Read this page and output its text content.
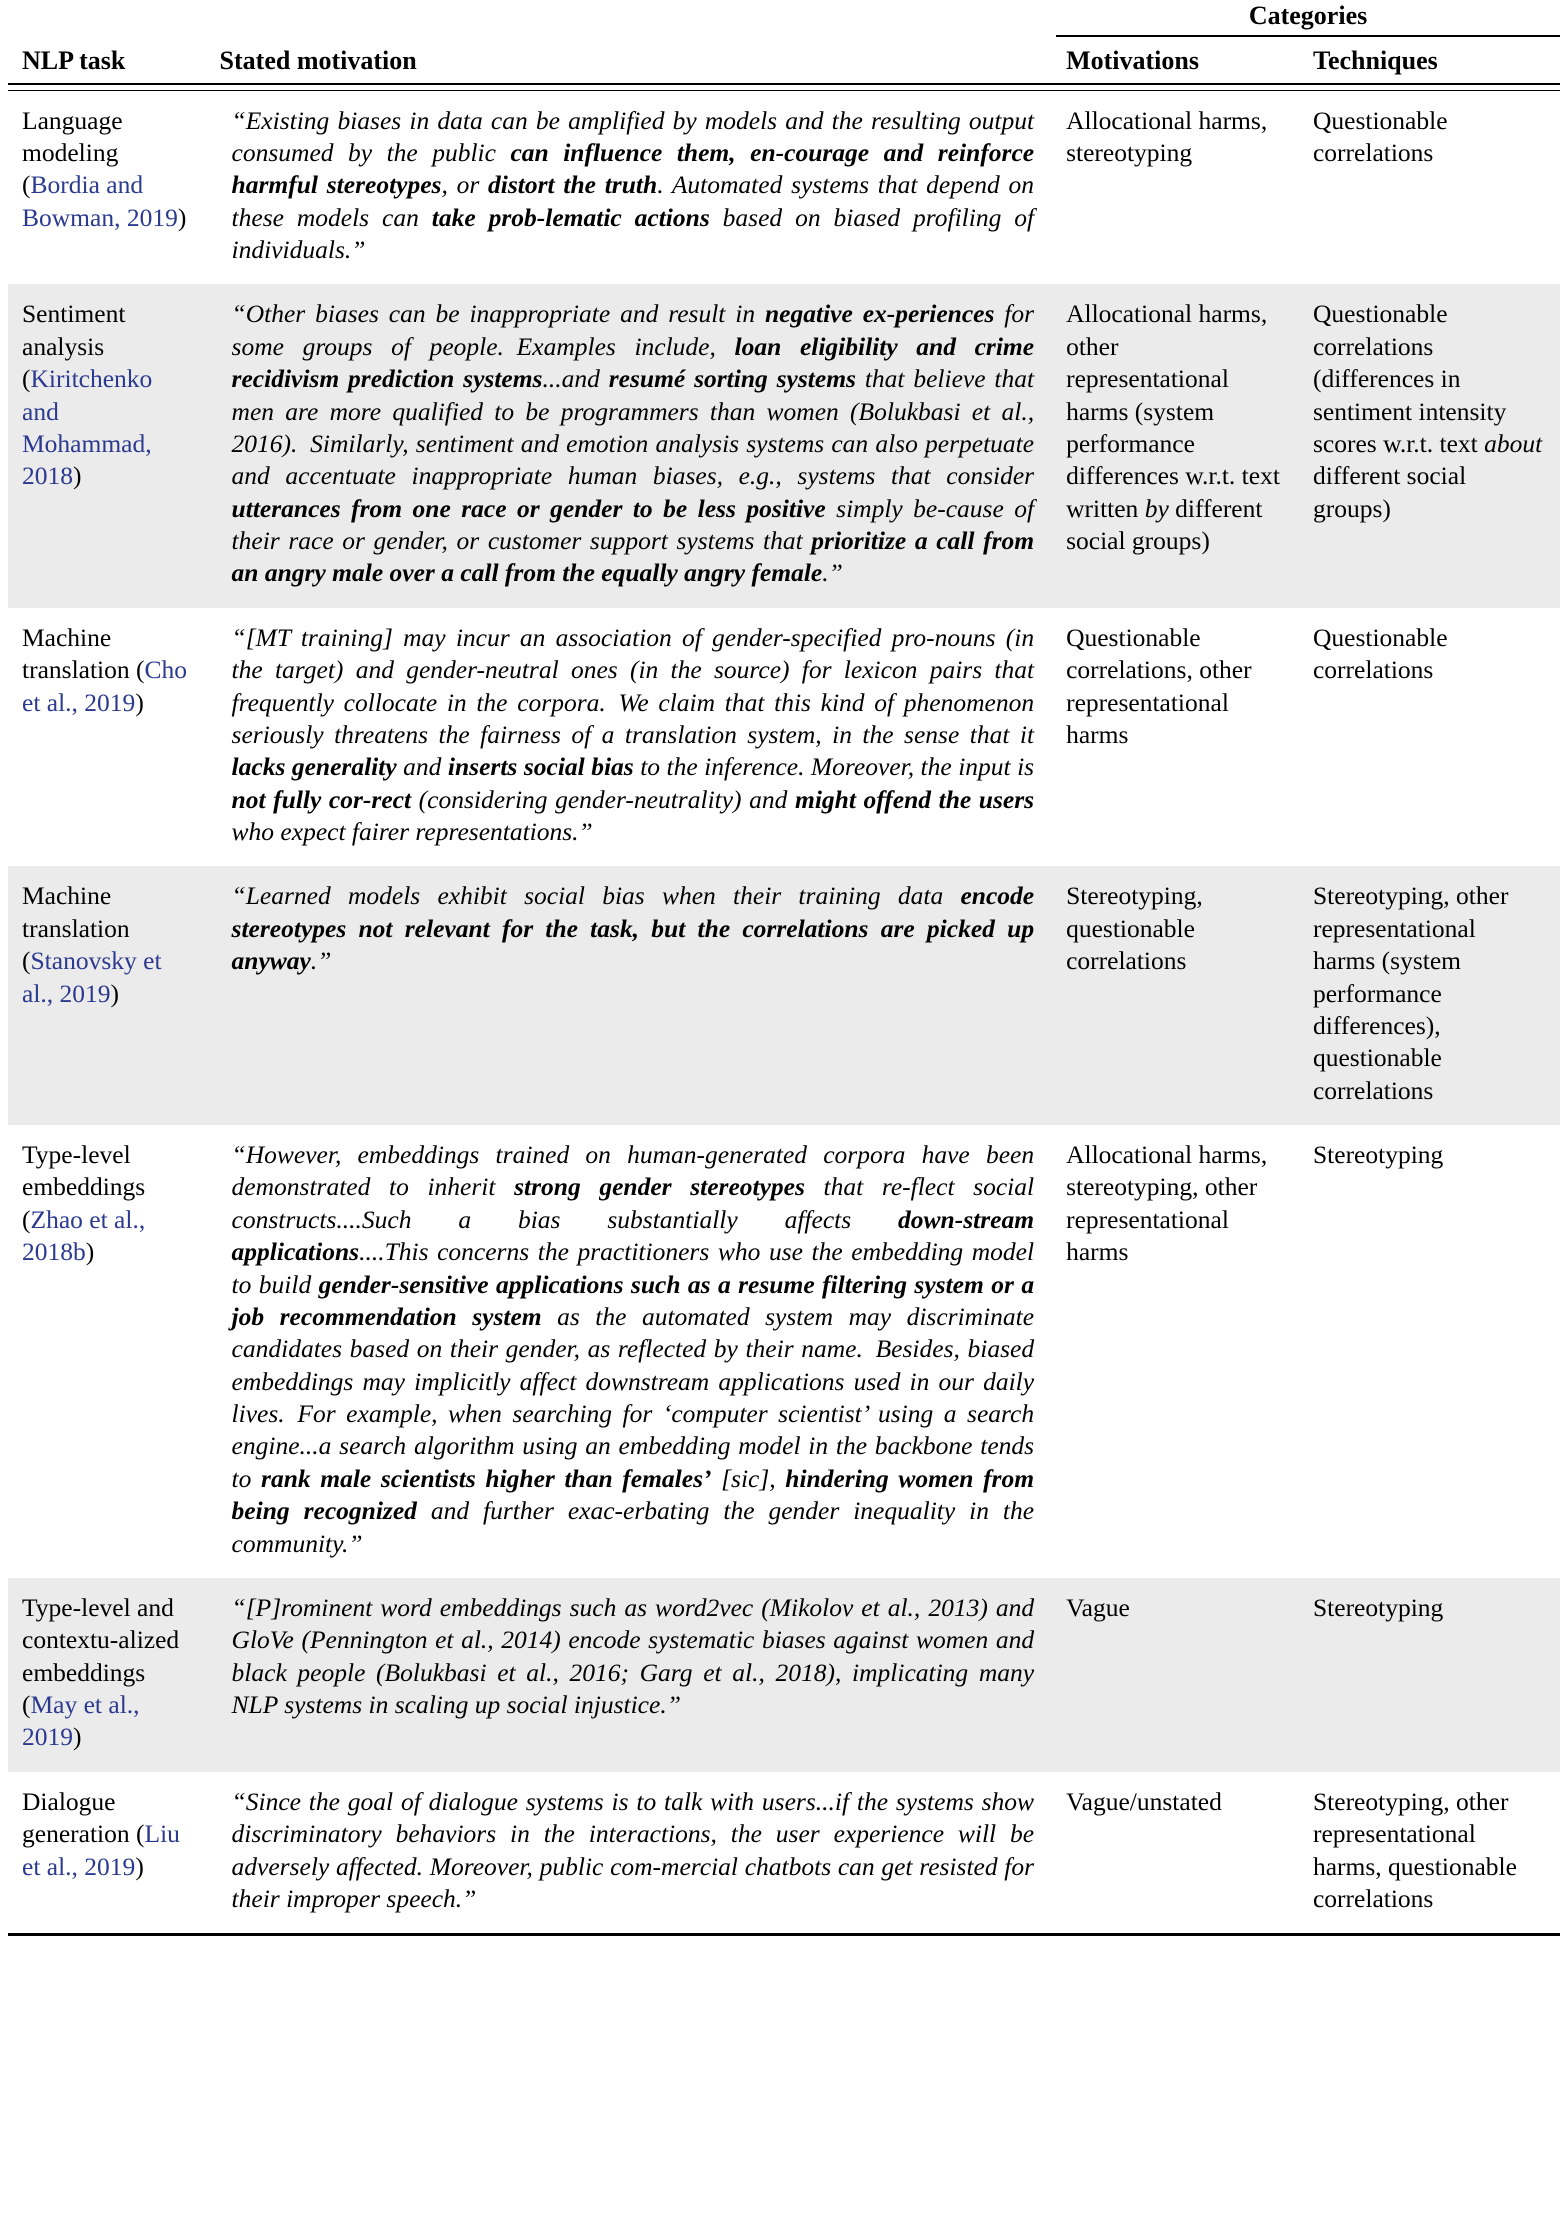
		Categories	
NLP task	Stated motivation	Motivations	Techniques

Language modeling (Bordia and Bowman, 2019)	“Existing biases in data can be amplified by models and the resulting output consumed by the public can influence them, en-courage and reinforce harmful stereotypes, or distort the truth. Automated systems that depend on these models can take prob-lematic actions based on biased profiling of individuals.”	Allocational harms, stereotyping	Questionable correlations
Sentiment analysis (Kiritchenko and Mohammad, 2018)	“Other biases can be inappropriate and result in negative ex-periences for some groups of people. Examples include, loan eligibility and crime recidivism prediction systems...and resumé sorting systems that believe that men are more qualified to be programmers than women (Bolukbasi et al., 2016). Similarly, sentiment and emotion analysis systems can also perpetuate and accentuate inappropriate human biases, e.g., systems that consider utterances from one race or gender to be less positive simply be-cause of their race or gender, or customer support systems that prioritize a call from an angry male over a call from the equally angry female.”	Allocational harms, other representational harms (system performance differences w.r.t. text written by different social groups)	Questionable correlations (differences in sentiment intensity scores w.r.t. text about different social groups)
Machine translation (Cho et al., 2019)	“[MT training] may incur an association of gender-specified pro-nouns (in the target) and gender-neutral ones (in the source) for lexicon pairs that frequently collocate in the corpora. We claim that this kind of phenomenon seriously threatens the fairness of a translation system, in the sense that it lacks generality and inserts social bias to the inference. Moreover, the input is not fully cor-rect (considering gender-neutrality) and might offend the users who expect fairer representations.”	Questionable correlations, other representational harms	Questionable correlations
Machine translation (Stanovsky et al., 2019)	“Learned models exhibit social bias when their training data encode stereotypes not relevant for the task, but the correlations are picked up anyway.”	Stereotyping, questionable correlations	Stereotyping, other representational harms (system performance differences), questionable correlations
Type-level embeddings (Zhao et al., 2018b)	“However, embeddings trained on human-generated corpora have been demonstrated to inherit strong gender stereotypes that re-flect social constructs....Such a bias substantially affects down-stream applications....This concerns the practitioners who use the embedding model to build gender-sensitive applications such as a resume filtering system or a job recommendation system as the automated system may discriminate candidates based on their gender, as reflected by their name. Besides, biased embeddings may implicitly affect downstream applications used in our daily lives. For example, when searching for ‘computer scientist’ using a search engine...a search algorithm using an embedding model in the backbone tends to rank male scientists higher than females’ [sic], hindering women from being recognized and further exac-erbating the gender inequality in the community.”	Allocational harms, stereotyping, other representational harms	Stereotyping
Type-level and contextu-alized embeddings (May et al., 2019)	“[P]rominent word embeddings such as word2vec (Mikolov et al., 2013) and GloVe (Pennington et al., 2014) encode systematic biases against women and black people (Bolukbasi et al., 2016; Garg et al., 2018), implicating many NLP systems in scaling up social injustice.”	Vague	Stereotyping
Dialogue generation (Liu et al., 2019)	“Since the goal of dialogue systems is to talk with users...if the systems show discriminatory behaviors in the interactions, the user experience will be adversely affected. Moreover, public com-mercial chatbots can get resisted for their improper speech.”	Vague/unstated	Stereotyping, other representational harms, questionable correlations
